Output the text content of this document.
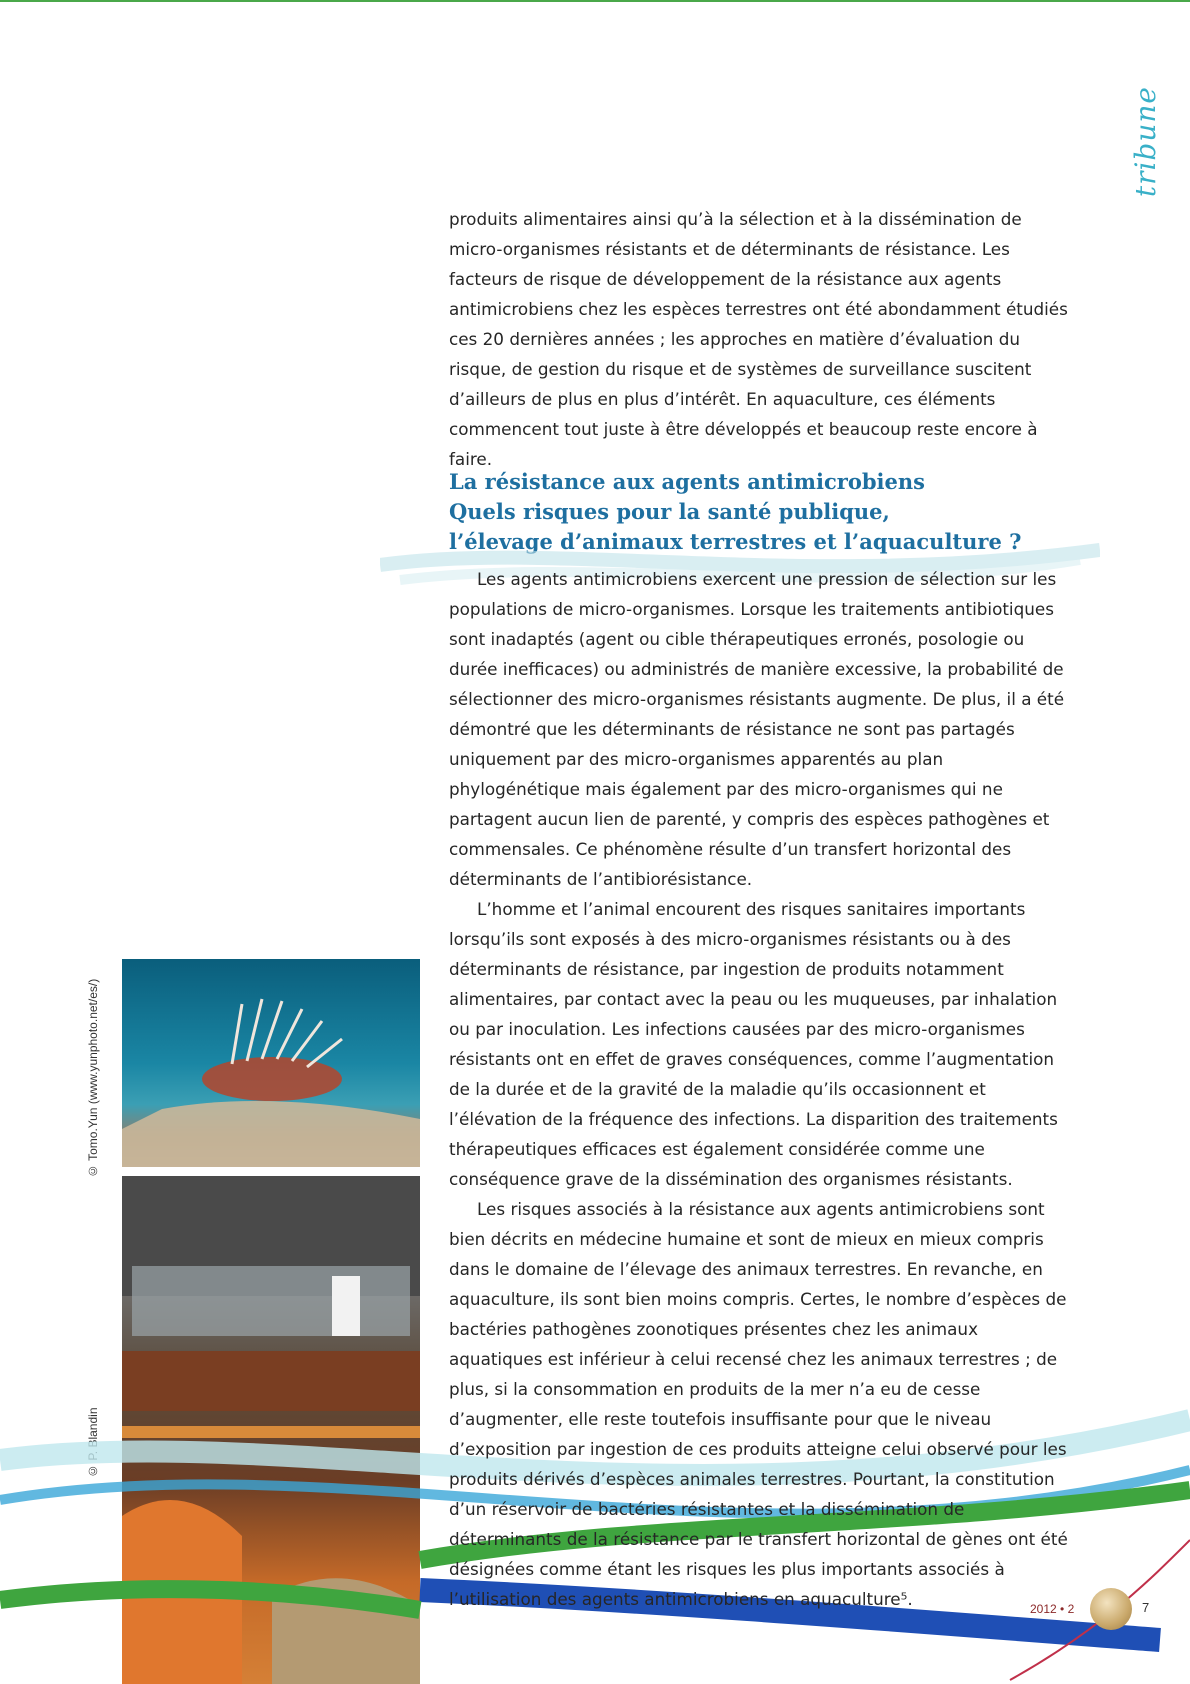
tribune

produits alimentaires ainsi qu’à la sélection et à la dissémination de micro-organismes résistants et de déterminants de résistance. Les facteurs de risque de développement de la résistance aux agents antimicrobiens chez les espèces terrestres ont été abondamment étudiés ces 20 dernières années ; les approches en matière d’évaluation du risque, de gestion du risque et de systèmes de surveillance suscitent d’ailleurs de plus en plus d’intérêt. En aquaculture, ces éléments commencent tout juste à être développés et beaucoup reste encore à faire.

La résistance aux agents antimicrobiens
Quels risques pour la santé publique,
l’élevage d’animaux terrestres et l’aquaculture ?

Les agents antimicrobiens exercent une pression de sélection sur les populations de micro-organismes. Lorsque les traitements antibiotiques sont inadaptés (agent ou cible thérapeutiques erronés, posologie ou durée inefficaces) ou administrés de manière excessive, la probabilité de sélectionner des micro-organismes résistants augmente. De plus, il a été démontré que les déterminants de résistance ne sont pas partagés uniquement par des micro-organismes apparentés au plan phylogénétique mais également par des micro-organismes qui ne partagent aucun lien de parenté, y compris des espèces pathogènes et commensales. Ce phénomène résulte d’un transfert horizontal des déterminants de l’antibiorésistance.

L’homme et l’animal encourent des risques sanitaires importants lorsqu’ils sont exposés à des micro-organismes résistants ou à des déterminants de résistance, par ingestion de produits notamment alimentaires, par contact avec la peau ou les muqueuses, par inhalation ou par inoculation. Les infections causées par des micro-organismes résistants ont en effet de graves conséquences, comme l’augmentation de la durée et de la gravité de la maladie qu’ils occasionnent et l’élévation de la fréquence des infections. La disparition des traitements thérapeutiques efficaces est également considérée comme une conséquence grave de la dissémination des organismes résistants.

Les risques associés à la résistance aux agents antimicrobiens sont bien décrits en médecine humaine et sont de mieux en mieux compris dans le domaine de l’élevage des animaux terrestres. En revanche, en aquaculture, ils sont bien moins compris. Certes, le nombre d’espèces de bactéries pathogènes zoonotiques présentes chez les animaux aquatiques est inférieur à celui recensé chez les animaux terrestres ; de plus, si la consommation en produits de la mer n’a eu de cesse d’augmenter, elle reste toutefois insuffisante pour que le niveau d’exposition par ingestion de ces produits atteigne celui observé pour les produits dérivés d’espèces animales terrestres. Pourtant, la constitution d’un réservoir de bactéries résistantes et la dissémination de déterminants de la résistance par le transfert horizontal de gènes ont été désignées comme étant les risques les plus importants associés à l’utilisation des agents antimicrobiens en aquaculture⁵.

© Tomo.Yun (www.yunphoto.net/es/)
© P. Blandin
2012 • 2	7
